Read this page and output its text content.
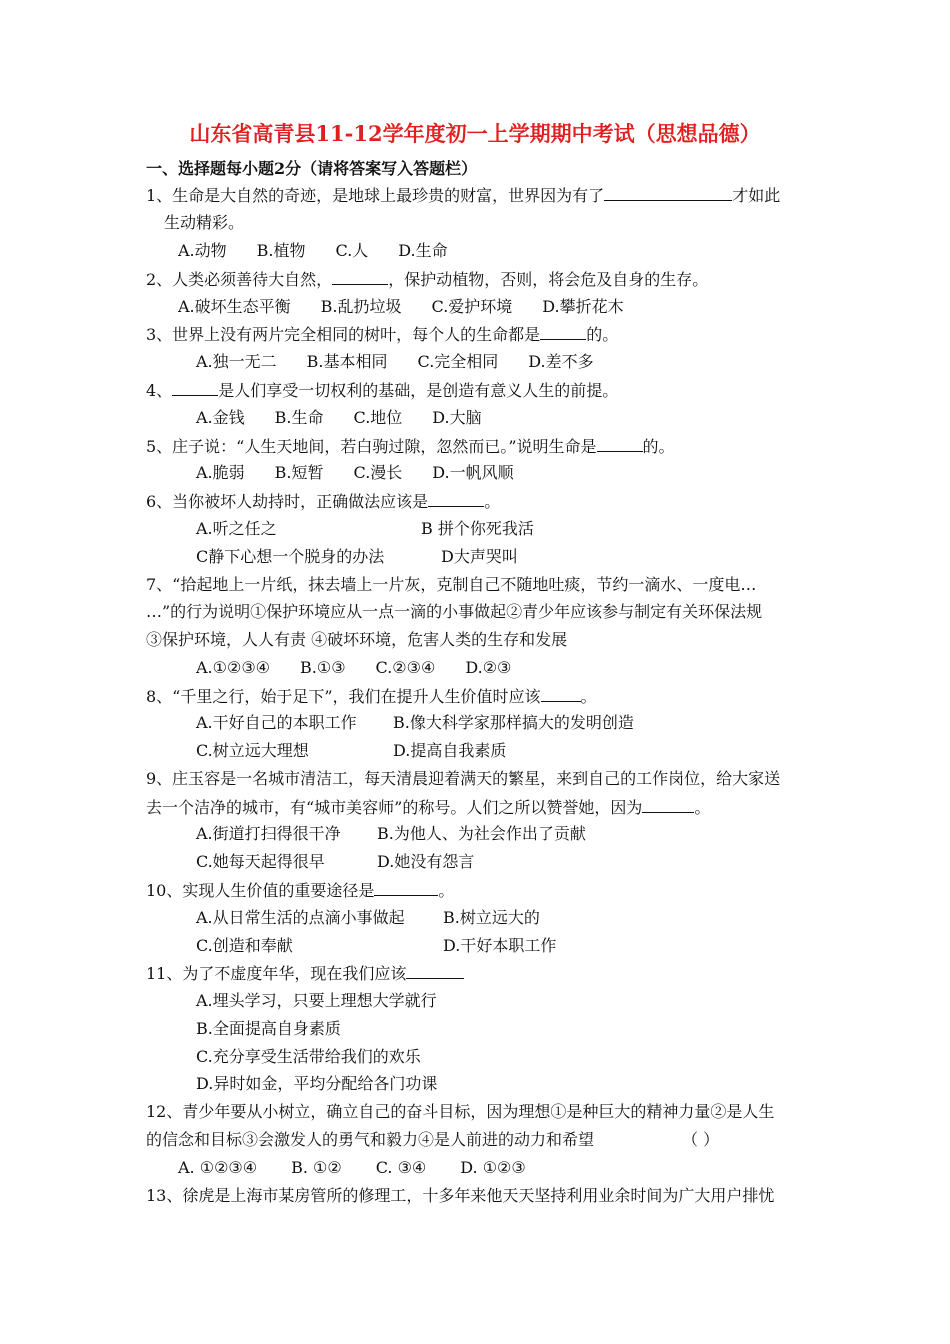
山东省高青县11-12学年度初一上学期期中考试（思想品德）
一、选择题每小题2分（请将答案写入答题栏）
1、生命是大自然的奇迹，是地球上最珍贵的财富，世界因为有了	才如此
生动精彩。
A.动物 B.植物 C.人 D.生命
2、人类必须善待大自然，	，保护动植物，否则，将会危及自身的生存。
A.破坏生态平衡 B.乱扔垃圾 C.爱护环境 D.攀折花木
3、世界上没有两片完全相同的树叶，每个人的生命都是	的。
A.独一无二 B.基本相同 C.完全相同 D.差不多
4、	是人们享受一切权利的基础，是创造有意义人生的前提。
A.金钱 B.生命 C.地位 D.大脑
5、庄子说：“人生天地间，若白驹过隙，忽然而已。”说明生命是	的。
A.脆弱 B.短暂 C.漫长 D.一帆风顺
6、当你被坏人劫持时，正确做法应该是	。
A.听之任之	B 拼个你死我活
C静下心想一个脱身的办法	D大声哭叫
7、“拾起地上一片纸，抹去墙上一片灰，克制自己不随地吐痰，节约一滴水、一度电…
…”的行为说明①保护环境应从一点一滴的小事做起②青少年应该参与制定有关环保法规
③保护环境，人人有责 ④破坏环境，危害人类的生存和发展
A.①②③④ B.①③ C.②③④ D.②③
8、“千里之行，始于足下”，我们在提升人生价值时应该	。
A.干好自己的本职工作 B.像大科学家那样搞大的发明创造
C.树立远大理想	D.提高自我素质
9、庄玉容是一名城市清洁工，每天清晨迎着满天的繁星，来到自己的工作岗位，给大家送
去一个洁净的城市，有“城市美容师”的称号。人们之所以赞誉她，因为	。
A.街道打扫得很干净 B.为他人、为社会作出了贡献
C.她每天起得很早	D.她没有怨言
10、实现人生价值的重要途径是	。
A.从日常生活的点滴小事做起 B.树立远大的
C.创造和奉献	D.干好本职工作
11、为了不虚度年华，现在我们应该
A.埋头学习，只要上理想大学就行
B.全面提高自身素质
C.充分享受生活带给我们的欢乐
D.异时如金，平均分配给各门功课
12、青少年要从小树立，确立自己的奋斗目标，因为理想①是种巨大的精神力量②是人生
的信念和目标③会激发人的勇气和毅力④是人前进的动力和希望	（ ）
A. ①②③④ B. ①② C. ③④ D. ①②③
13、徐虎是上海市某房管所的修理工，十多年来他天天坚持利用业余时间为广大用户排忧
